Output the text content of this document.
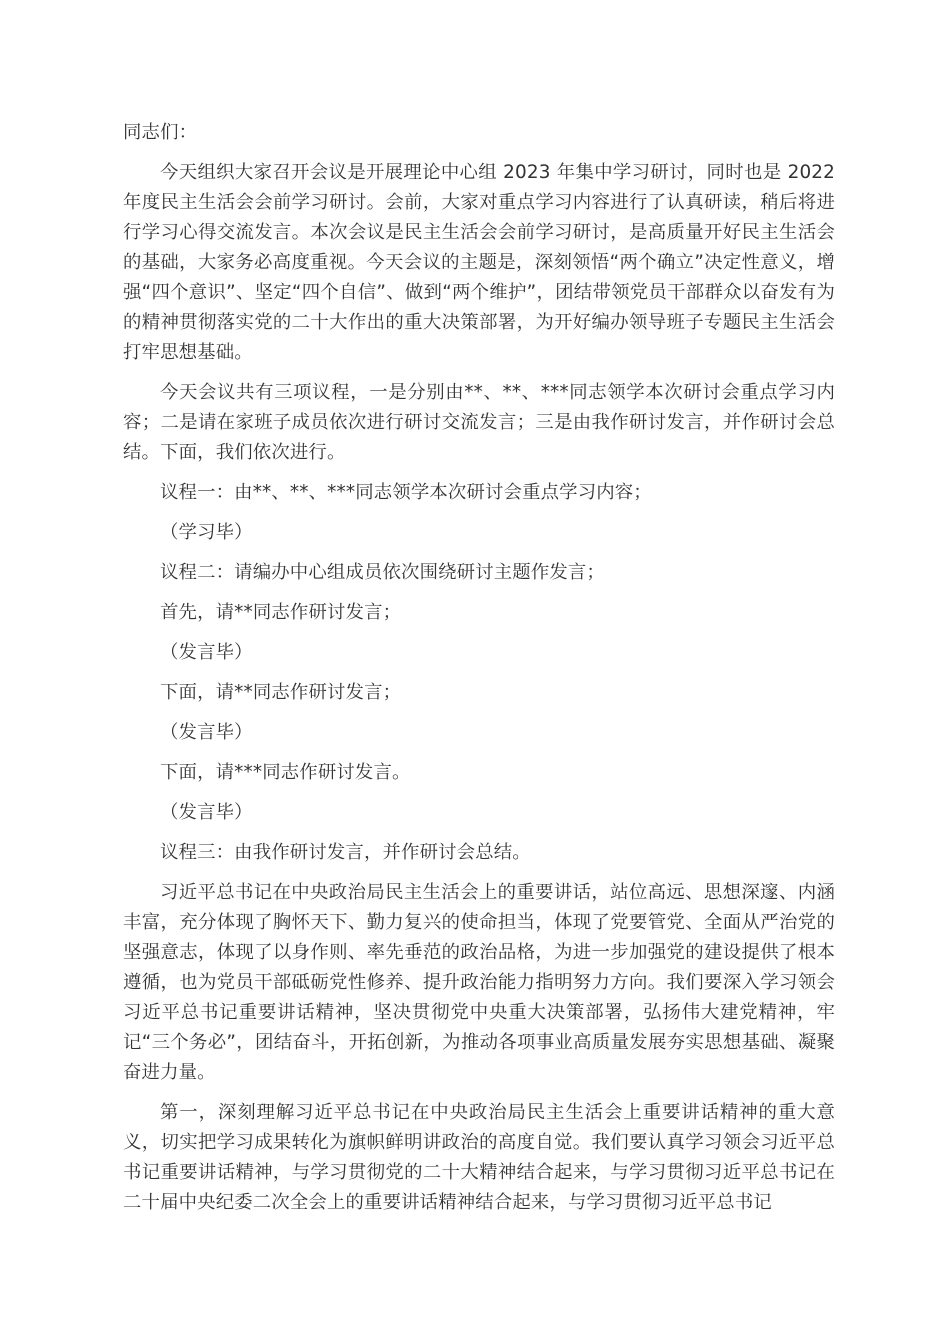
同志们：

今天组织大家召开会议是开展理论中心组 2023 年集中学习研讨，同时也是 2022 年度民主生活会会前学习研讨。会前，大家对重点学习内容进行了认真研读，稍后将进行学习心得交流发言。本次会议是民主生活会会前学习研讨，是高质量开好民主生活会的基础，大家务必高度重视。今天会议的主题是，深刻领悟“两个确立”决定性意义，增强“四个意识”、坚定“四个自信”、做到“两个维护”，团结带领党员干部群众以奋发有为的精神贯彻落实党的二十大作出的重大决策部署，为开好编办领导班子专题民主生活会打牢思想基础。

今天会议共有三项议程，一是分别由**、**、***同志领学本次研讨会重点学习内容；二是请在家班子成员依次进行研讨交流发言；三是由我作研讨发言，并作研讨会总结。下面，我们依次进行。

议程一：由**、**、***同志领学本次研讨会重点学习内容；

（学习毕）

议程二：请编办中心组成员依次围绕研讨主题作发言；

首先，请**同志作研讨发言；

（发言毕）

下面，请**同志作研讨发言；

（发言毕）

下面，请***同志作研讨发言。

（发言毕）

议程三：由我作研讨发言，并作研讨会总结。

习近平总书记在中央政治局民主生活会上的重要讲话，站位高远、思想深邃、内涵丰富，充分体现了胸怀天下、勤力复兴的使命担当，体现了党要管党、全面从严治党的坚强意志，体现了以身作则、率先垂范的政治品格，为进一步加强党的建设提供了根本遵循，也为党员干部砥砺党性修养、提升政治能力指明努力方向。我们要深入学习领会习近平总书记重要讲话精神，坚决贯彻党中央重大决策部署，弘扬伟大建党精神，牢记“三个务必”，团结奋斗，开拓创新，为推动各项事业高质量发展夯实思想基础、凝聚奋进力量。

第一，深刻理解习近平总书记在中央政治局民主生活会上重要讲话精神的重大意义，切实把学习成果转化为旗帜鲜明讲政治的高度自觉。我们要认真学习领会习近平总书记重要讲话精神，与学习贯彻党的二十大精神结合起来，与学习贯彻习近平总书记在二十届中央纪委二次全会上的重要讲话精神结合起来，与学习贯彻习近平总书记
